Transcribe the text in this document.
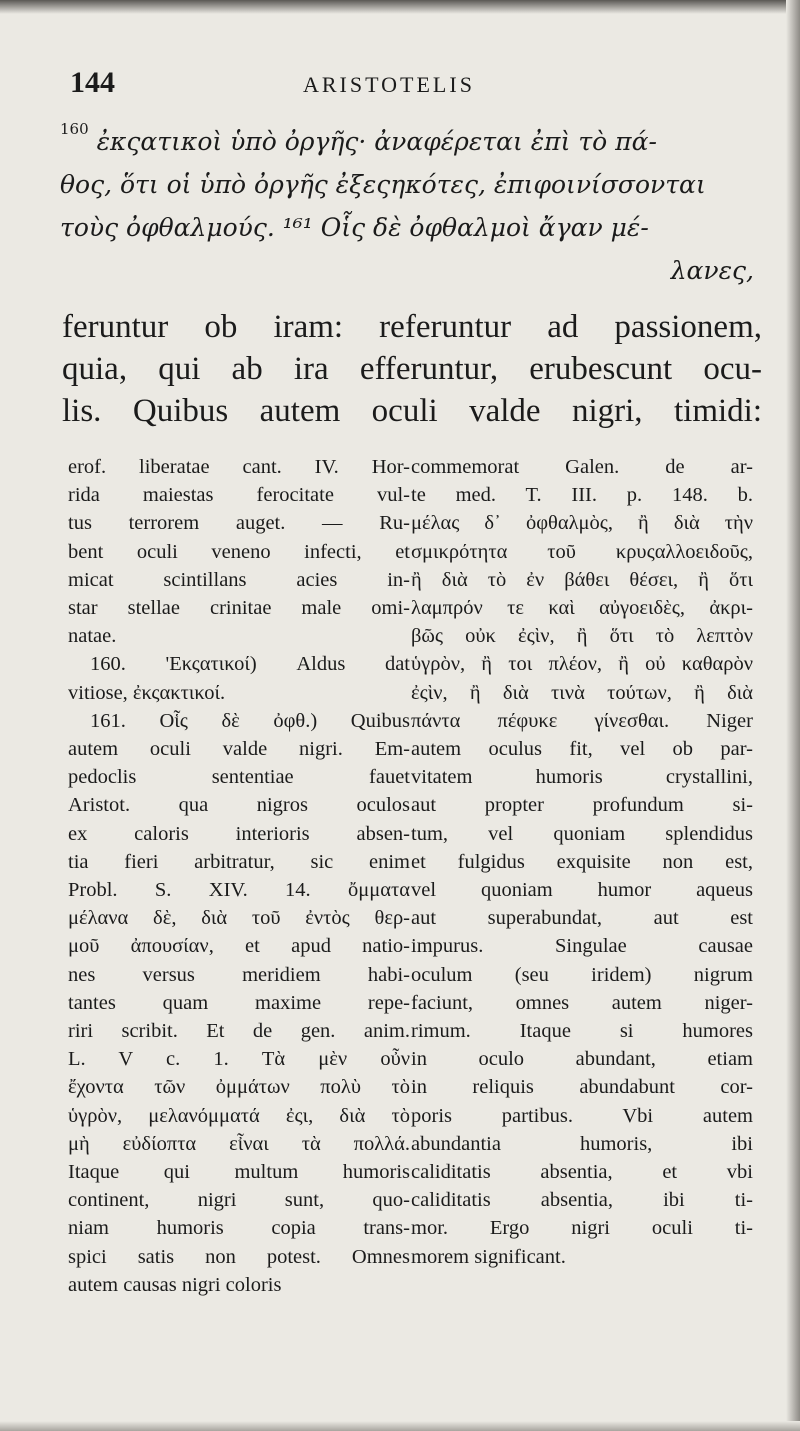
144	ARISTOTELIS
$^{160}$ ἐκςατικοὶ ὑπὸ ὀργῆς· ἀναφέρεται ἐπὶ τὸ πά-
θος, ὅτι οἱ ὑπὸ ὀργῆς ἐξεςηκότες, ἐπιφοινίσσονται
τοὺς ὀφθαλμούς. ¹⁶¹ Οἷς δὲ ὀφθαλμοὶ ἄγαν μέ-
λανες,
feruntur ob iram: referuntur ad passionem,
quia, qui ab ira efferuntur, erubescunt ocu-
lis. Quibus autem oculi valde nigri, timidi:
erof. liberatae cant. IV. Hor-
rida maiestas ferocitate vul-
tus terrorem auget. — Ru-
bent oculi veneno infecti, et
micat scintillans acies in-
star stellae crinitae male omi-
natae.
160. 'Εκςατικοί) Aldus dat
vitiose, ἐκςακτικοί.
161. Οἷς δὲ ὀφθ.) Quibus
autem oculi valde nigri. Em-
pedoclis sententiae fauet
Aristot. qua nigros oculos
ex caloris interioris absen-
tia fieri arbitratur, sic enim
Probl. S. XIV. 14. ὄμματα
μέλανα δὲ, διὰ τοῦ ἐντὸς θερ-
μοῦ ἀπουσίαν, et apud natio-
nes versus meridiem habi-
tantes quam maxime repe-
riri scribit. Et de gen. anim.
L. V c. 1. Τὰ μὲν οὖν
ἔχοντα τῶν ὀμμάτων πολὺ τὸ
ὑγρὸν, μελανόμματά ἐςι, διὰ τὸ
μὴ εὐδίοπτα εἶναι τὰ πολλά.
Itaque qui multum humoris
continent, nigri sunt, quo-
niam humoris copia trans-
spici satis non potest. Omnes
autem causas nigri coloris
commemorat Galen. de ar-
te med. T. III. p. 148. b.
μέλας δ᾽ ὀφθαλμὸς, ἢ διὰ τὴν
σμικρότητα τοῦ κρυςαλλοειδοῦς,
ἢ διὰ τὸ ἐν βάθει θέσει, ἢ ὅτι
λαμπρόν τε καὶ αὐγοειδὲς, ἀκρι-
βῶς οὐκ ἐςὶν, ἢ ὅτι τὸ λεπτὸν
ὑγρὸν, ἢ τοι πλέον, ἢ οὐ καθαρὸν
ἐςὶν, ἢ διὰ τινὰ τούτων, ἢ διὰ
πάντα πέφυκε γίνεσθαι. Niger
autem oculus fit, vel ob par-
vitatem humoris crystallini,
aut propter profundum si-
tum, vel quoniam splendidus
et fulgidus exquisite non est,
vel quoniam humor aqueus
aut superabundat, aut est
impurus. Singulae causae
oculum (seu iridem) nigrum
faciunt, omnes autem niger-
rimum. Itaque si humores
in oculo abundant, etiam
in reliquis abundabunt cor-
poris partibus. Vbi autem
abundantia humoris, ibi
caliditatis absentia, et vbi
caliditatis absentia, ibi ti-
mor. Ergo nigri oculi ti-
morem significant.
